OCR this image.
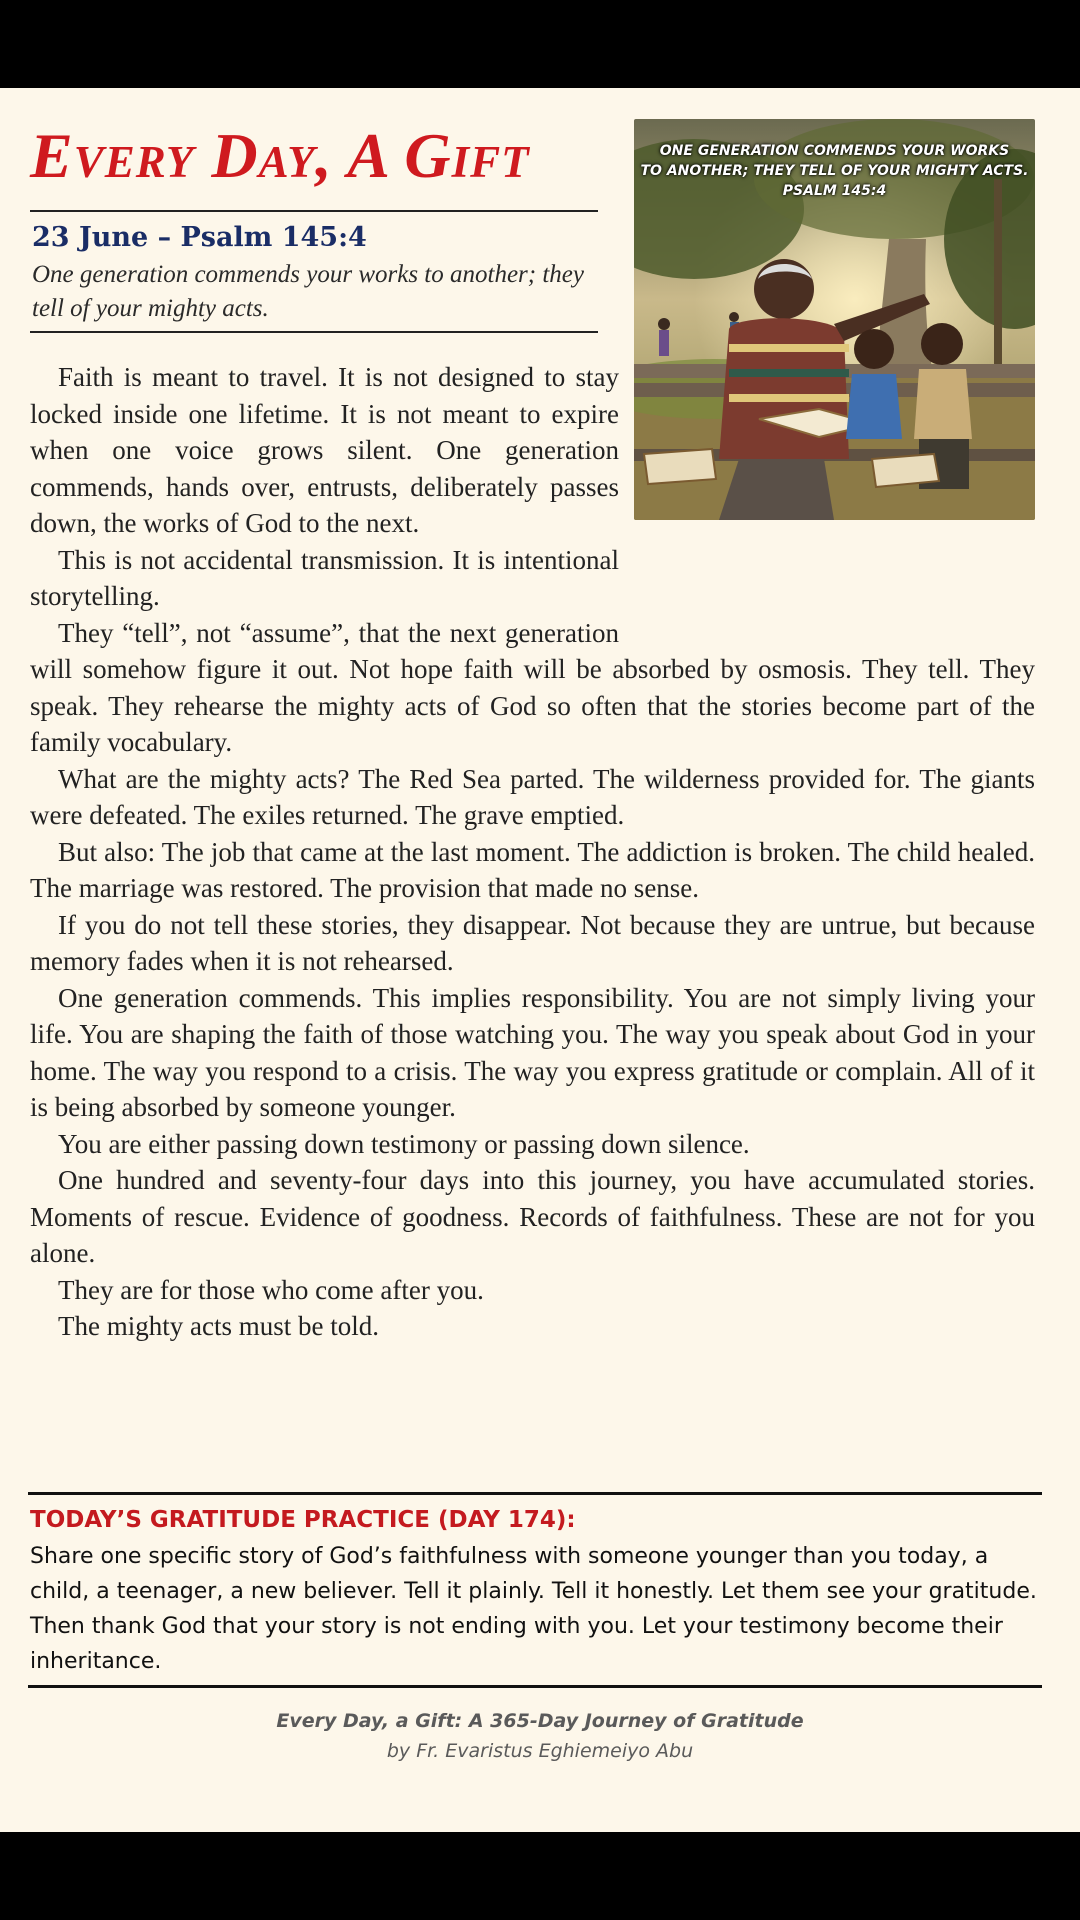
Every Day, A Gift
23 June – Psalm 145:4
One generation commends your works to another; they tell of your mighty acts.
ONE GENERATION COMMENDS YOUR WORKS
TO ANOTHER; THEY TELL OF YOUR MIGHTY ACTS.
PSALM 145:4

Faith is meant to travel. It is not designed to stay locked inside one lifetime. It is not meant to expire when one voice grows silent. One generation commends, hands over, entrusts, deliberately passes down, the works of God to the next.

This is not accidental transmission. It is intentional storytelling.

They “tell”, not “assume”, that the next generation will somehow figure it out. Not hope faith will be absorbed by osmosis. They tell. They speak. They rehearse the mighty acts of God so often that the stories become part of the family vocabulary.

What are the mighty acts? The Red Sea parted. The wilderness provided for. The giants were defeated. The exiles returned. The grave emptied.

But also: The job that came at the last moment. The addiction is broken. The child healed. The marriage was restored. The provision that made no sense.

If you do not tell these stories, they disappear. Not because they are untrue, but because memory fades when it is not rehearsed.

One generation commends. This implies responsibility. You are not simply living your life. You are shaping the faith of those watching you. The way you speak about God in your home. The way you respond to a crisis. The way you express gratitude or complain. All of it is being absorbed by someone younger.

You are either passing down testimony or passing down silence.

One hundred and seventy-four days into this journey, you have accumulated stories. Moments of rescue. Evidence of goodness. Records of faithfulness. These are not for you alone.

They are for those who come after you.

The mighty acts must be told.

TODAY’S GRATITUDE PRACTICE (DAY 174):
Share one specific story of God’s faithfulness with someone younger than you today, a child, a teenager, a new believer. Tell it plainly. Tell it honestly. Let them see your gratitude. Then thank God that your story is not ending with you. Let your testimony become their inheritance.
Every Day, a Gift: A 365-Day Journey of Gratitude
by Fr. Evaristus Eghiemeiyo Abu
